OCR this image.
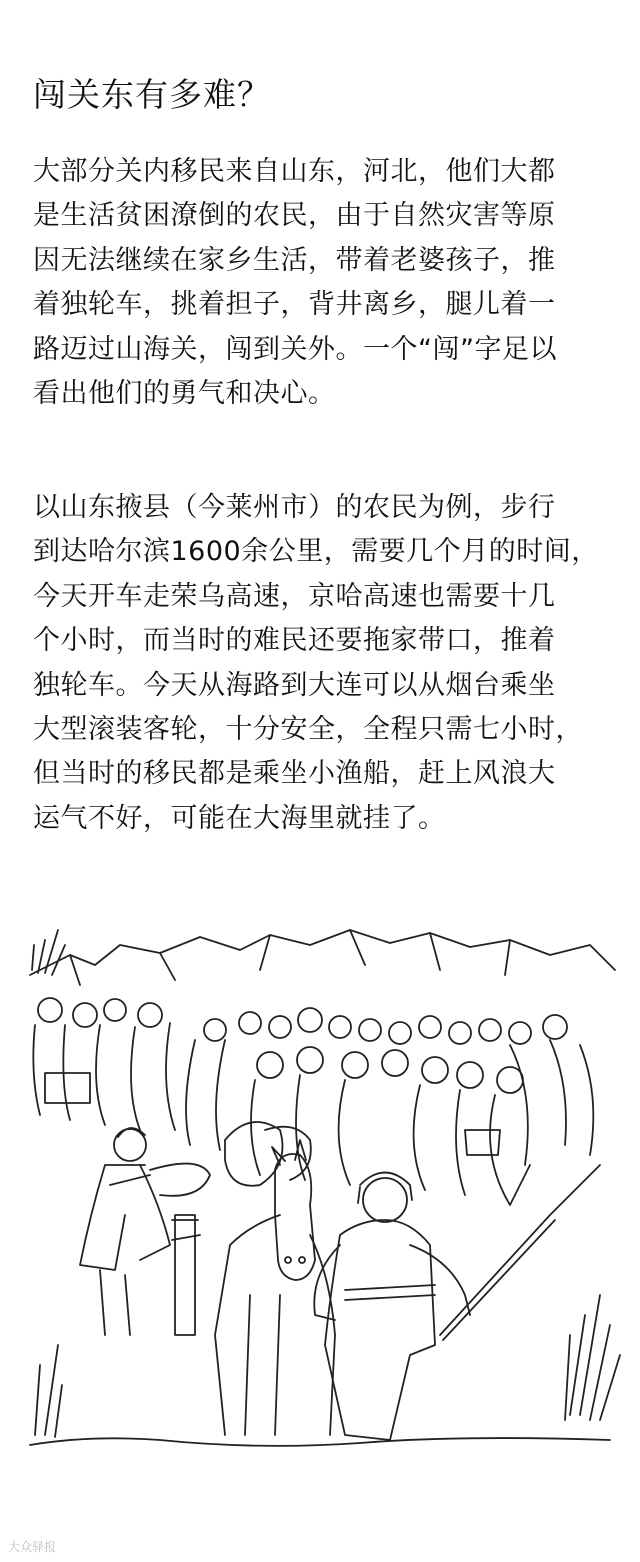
闯关东有多难？

大部分关内移民来自山东，河北，他们大都
是生活贫困潦倒的农民，由于自然灾害等原
因无法继续在家乡生活，带着老婆孩子，推
着独轮车，挑着担子，背井离乡，腿儿着一
路迈过山海关，闯到关外。一个“闯”字足以
看出他们的勇气和决心。

以山东掖县（今莱州市）的农民为例，步行
到达哈尔滨1600余公里，需要几个月的时间，
今天开车走荣乌高速，京哈高速也需要十几
个小时，而当时的难民还要拖家带口，推着
独轮车。今天从海路到大连可以从烟台乘坐
大型滚装客轮，十分安全，全程只需七小时，
但当时的移民都是乘坐小渔船，赶上风浪大
运气不好，可能在大海里就挂了。

大众驿报
